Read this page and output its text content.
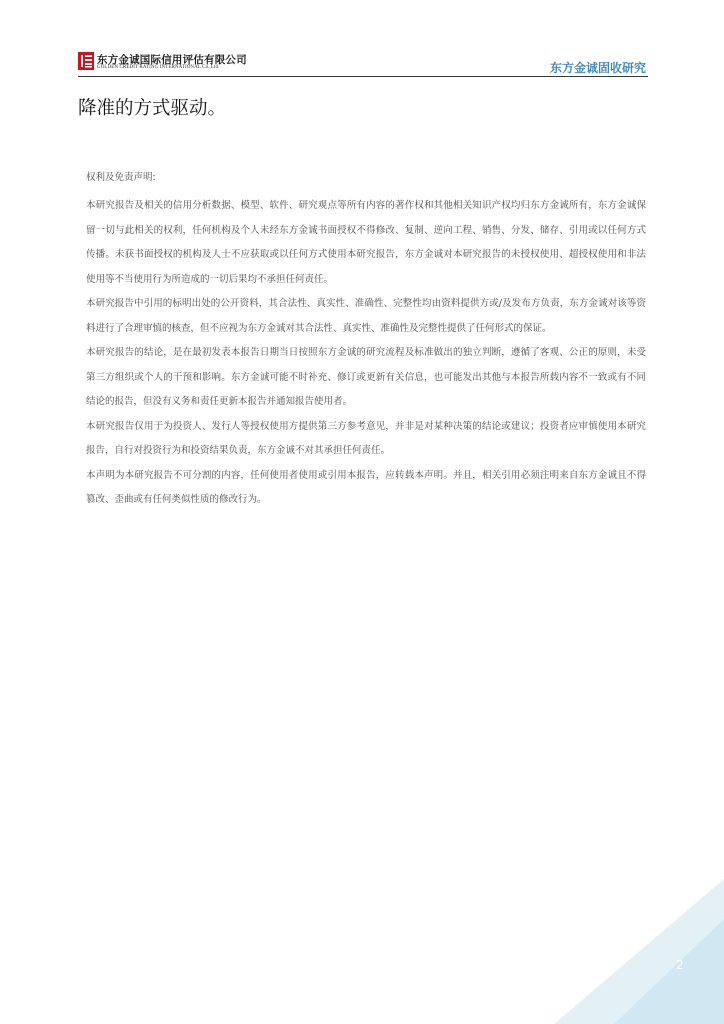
东方金诚国际信用评估有限公司
GOLDEN CREDIT RATING INTERNATIONAL Co.,Ltd.	东方金诚固收研究
降准的方式驱动。

权利及免责声明:

本研究报告及相关的信用分析数据、模型、软件、研究观点等所有内容的著作权和其他相关知识产权均归东方金诚所有，东方金诚保留一切与此相关的权利，任何机构及个人未经东方金诚书面授权不得修改、复制、逆向工程、销售、分发、储存、引用或以任何方式传播。未获书面授权的机构及人士不应获取或以任何方式使用本研究报告，东方金诚对本研究报告的未授权使用、超授权使用和非法使用等不当使用行为所造成的一切后果均不承担任何责任。

本研究报告中引用的标明出处的公开资料，其合法性、真实性、准确性、完整性均由资料提供方或/及发布方负责，东方金诚对该等资料进行了合理审慎的核查，但不应视为东方金诚对其合法性、真实性、准确性及完整性提供了任何形式的保证。

本研究报告的结论，是在最初发表本报告日期当日按照东方金诚的研究流程及标准做出的独立判断，遵循了客观、公正的原则，未受第三方组织或个人的干预和影响。东方金诚可能不时补充、修订或更新有关信息，也可能发出其他与本报告所载内容不一致或有不同结论的报告，但没有义务和责任更新本报告并通知报告使用者。

本研究报告仅用于为投资人、发行人等授权使用方提供第三方参考意见，并非是对某种决策的结论或建议；投资者应审慎使用本研究报告，自行对投资行为和投资结果负责，东方金诚不对其承担任何责任。

本声明为本研究报告不可分割的内容，任何使用者使用或引用本报告，应转载本声明。并且，相关引用必须注明来自东方金诚且不得篡改、歪曲或有任何类似性质的修改行为。

2
